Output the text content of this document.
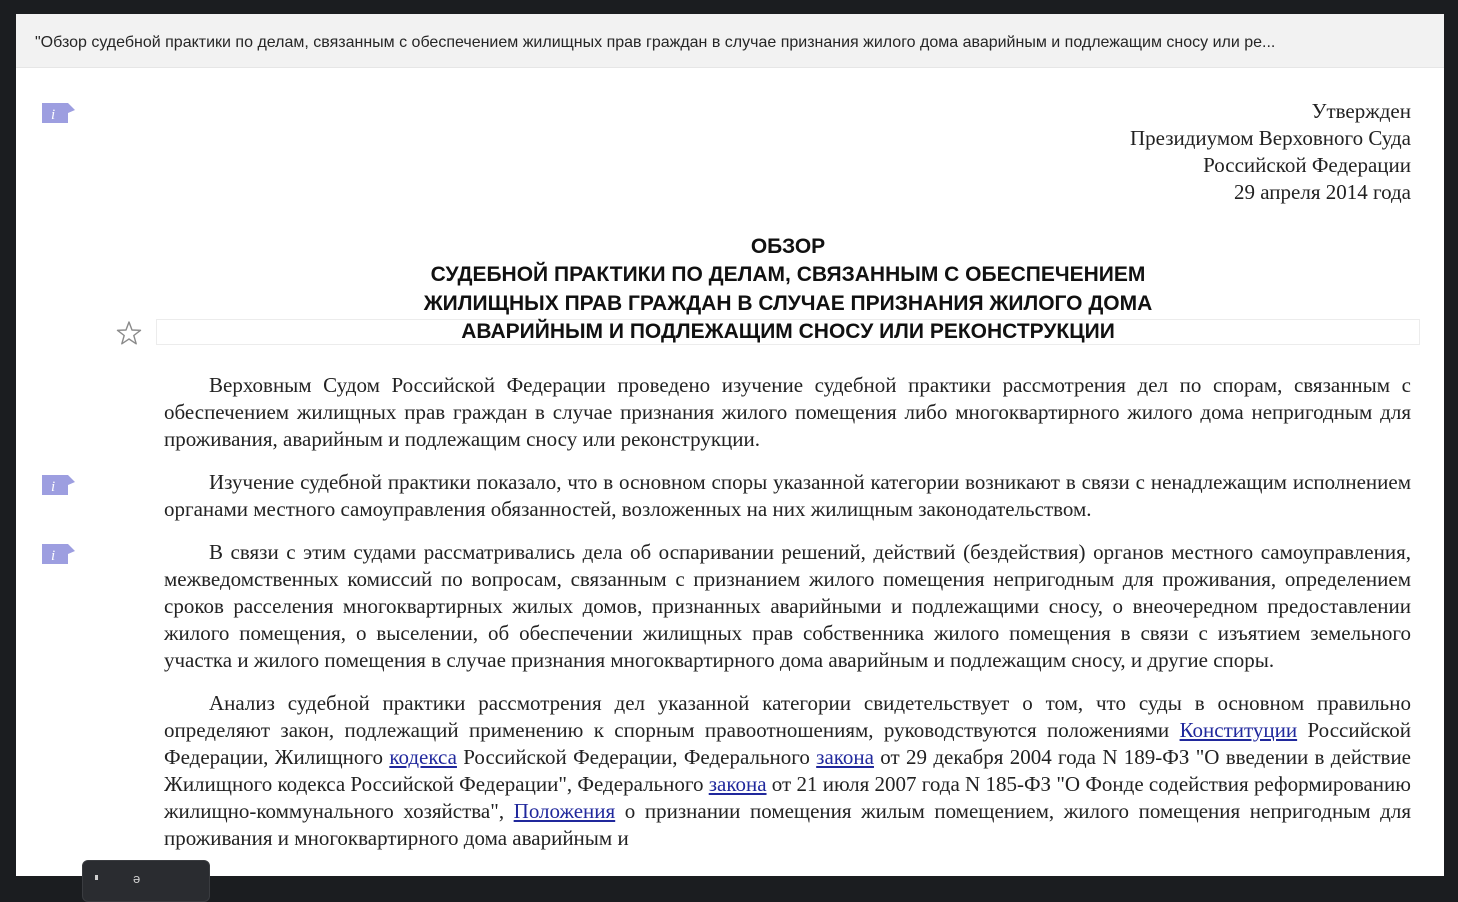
"Обзор судебной практики по делам, связанным с обеспечением жилищных прав граждан в случае признания жилого дома аварийным и подлежащим сносу или ре...
i
i
i
Утвержден
Президиумом Верховного Суда
Российской Федерации
29 апреля 2014 года
ОБЗОР
СУДЕБНОЙ ПРАКТИКИ ПО ДЕЛАМ, СВЯЗАННЫМ С ОБЕСПЕЧЕНИЕМ
ЖИЛИЩНЫХ ПРАВ ГРАЖДАН В СЛУЧАЕ ПРИЗНАНИЯ ЖИЛОГО ДОМА
АВАРИЙНЫМ И ПОДЛЕЖАЩИМ СНОСУ ИЛИ РЕКОНСТРУКЦИИ

Верховным Судом Российской Федерации проведено изучение судебной практики рассмотрения дел по спорам, связанным с обеспечением жилищных прав граждан в случае признания жилого помещения либо многоквартирного жилого дома непригодным для проживания, аварийным и подлежащим сносу или реконструкции.

Изучение судебной практики показало, что в основном споры указанной категории возникают в связи с ненадлежащим исполнением органами местного самоуправления обязанностей, возложенных на них жилищным законодательством.

В связи с этим судами рассматривались дела об оспаривании решений, действий (бездействия) органов местного самоуправления, межведомственных комиссий по вопросам, связанным с признанием жилого помещения непригодным для проживания, определением сроков расселения многоквартирных жилых домов, признанных аварийными и подлежащими сносу, о внеочередном предоставлении жилого помещения, о выселении, об обеспечении жилищных прав собственника жилого помещения в связи с изъятием земельного участка и жилого помещения в случае признания многоквартирного дома аварийным и подлежащим сносу, и другие споры.

Анализ судебной практики рассмотрения дел указанной категории свидетельствует о том, что суды в основном правильно определяют закон, подлежащий применению к спорным правоотношениям, руководствуются положениями Конституции Российской Федерации, Жилищного кодекса Российской Федерации, Федерального закона от 29 декабря 2004 года N 189-ФЗ "О введении в действие Жилищного кодекса Российской Федерации", Федерального закона от 21 июля 2007 года N 185-ФЗ "О Фонде содействия реформированию жилищно-коммунального хозяйства", Положения о признании помещения жилым помещением, жилого помещения непригодным для проживания и многоквартирного дома аварийным и

ə
